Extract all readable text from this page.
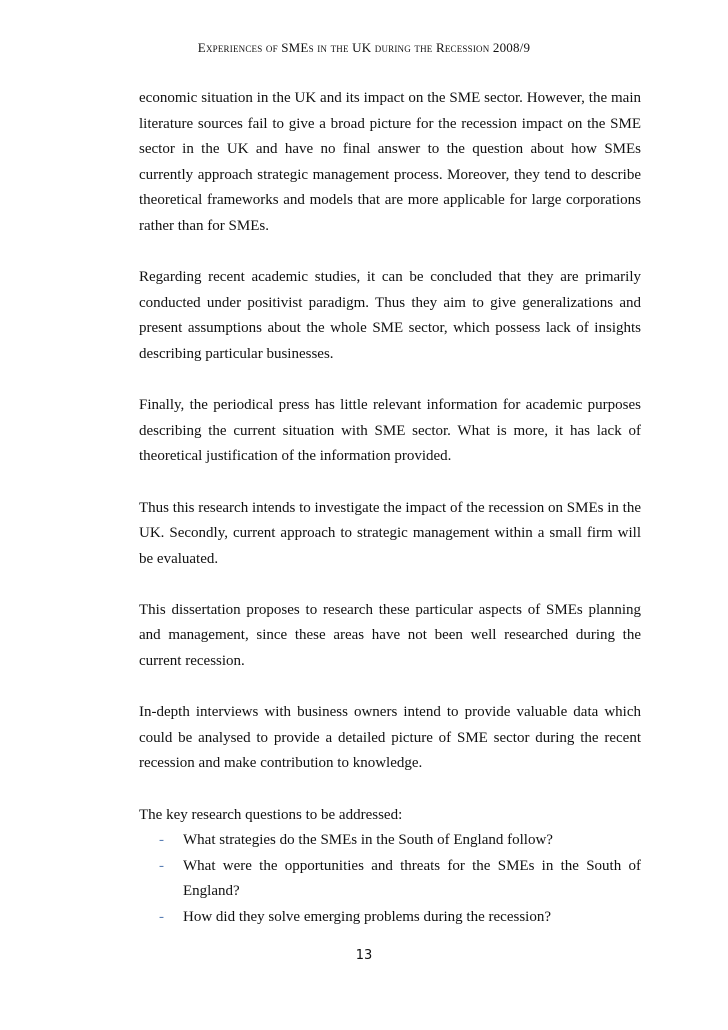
Experiences of SMEs in the UK during the Recession 2008/9

economic situation in the UK and its impact on the SME sector. However, the main literature sources fail to give a broad picture for the recession impact on the SME sector in the UK and have no final answer to the question about how SMEs currently approach strategic management process. Moreover, they tend to describe theoretical frameworks and models that are more applicable for large corporations rather than for SMEs.

Regarding recent academic studies, it can be concluded that they are primarily conducted under positivist paradigm. Thus they aim to give generalizations and present assumptions about the whole SME sector, which possess lack of insights describing particular businesses.

Finally, the periodical press has little relevant information for academic purposes describing the current situation with SME sector. What is more, it has lack of theoretical justification of the information provided.

Thus this research intends to investigate the impact of the recession on SMEs in the UK. Secondly, current approach to strategic management within a small firm will be evaluated.

This dissertation proposes to research these particular aspects of SMEs planning and management, since these areas have not been well researched during the current recession.

In-depth interviews with business owners intend to provide valuable data which could be analysed to provide a detailed picture of SME sector during the recent recession and make contribution to knowledge.

The key research questions to be addressed:

- What strategies do the SMEs in the South of England follow?
- What were the opportunities and threats for the SMEs in the South of England?
- How did they solve emerging problems during the recession?
13
